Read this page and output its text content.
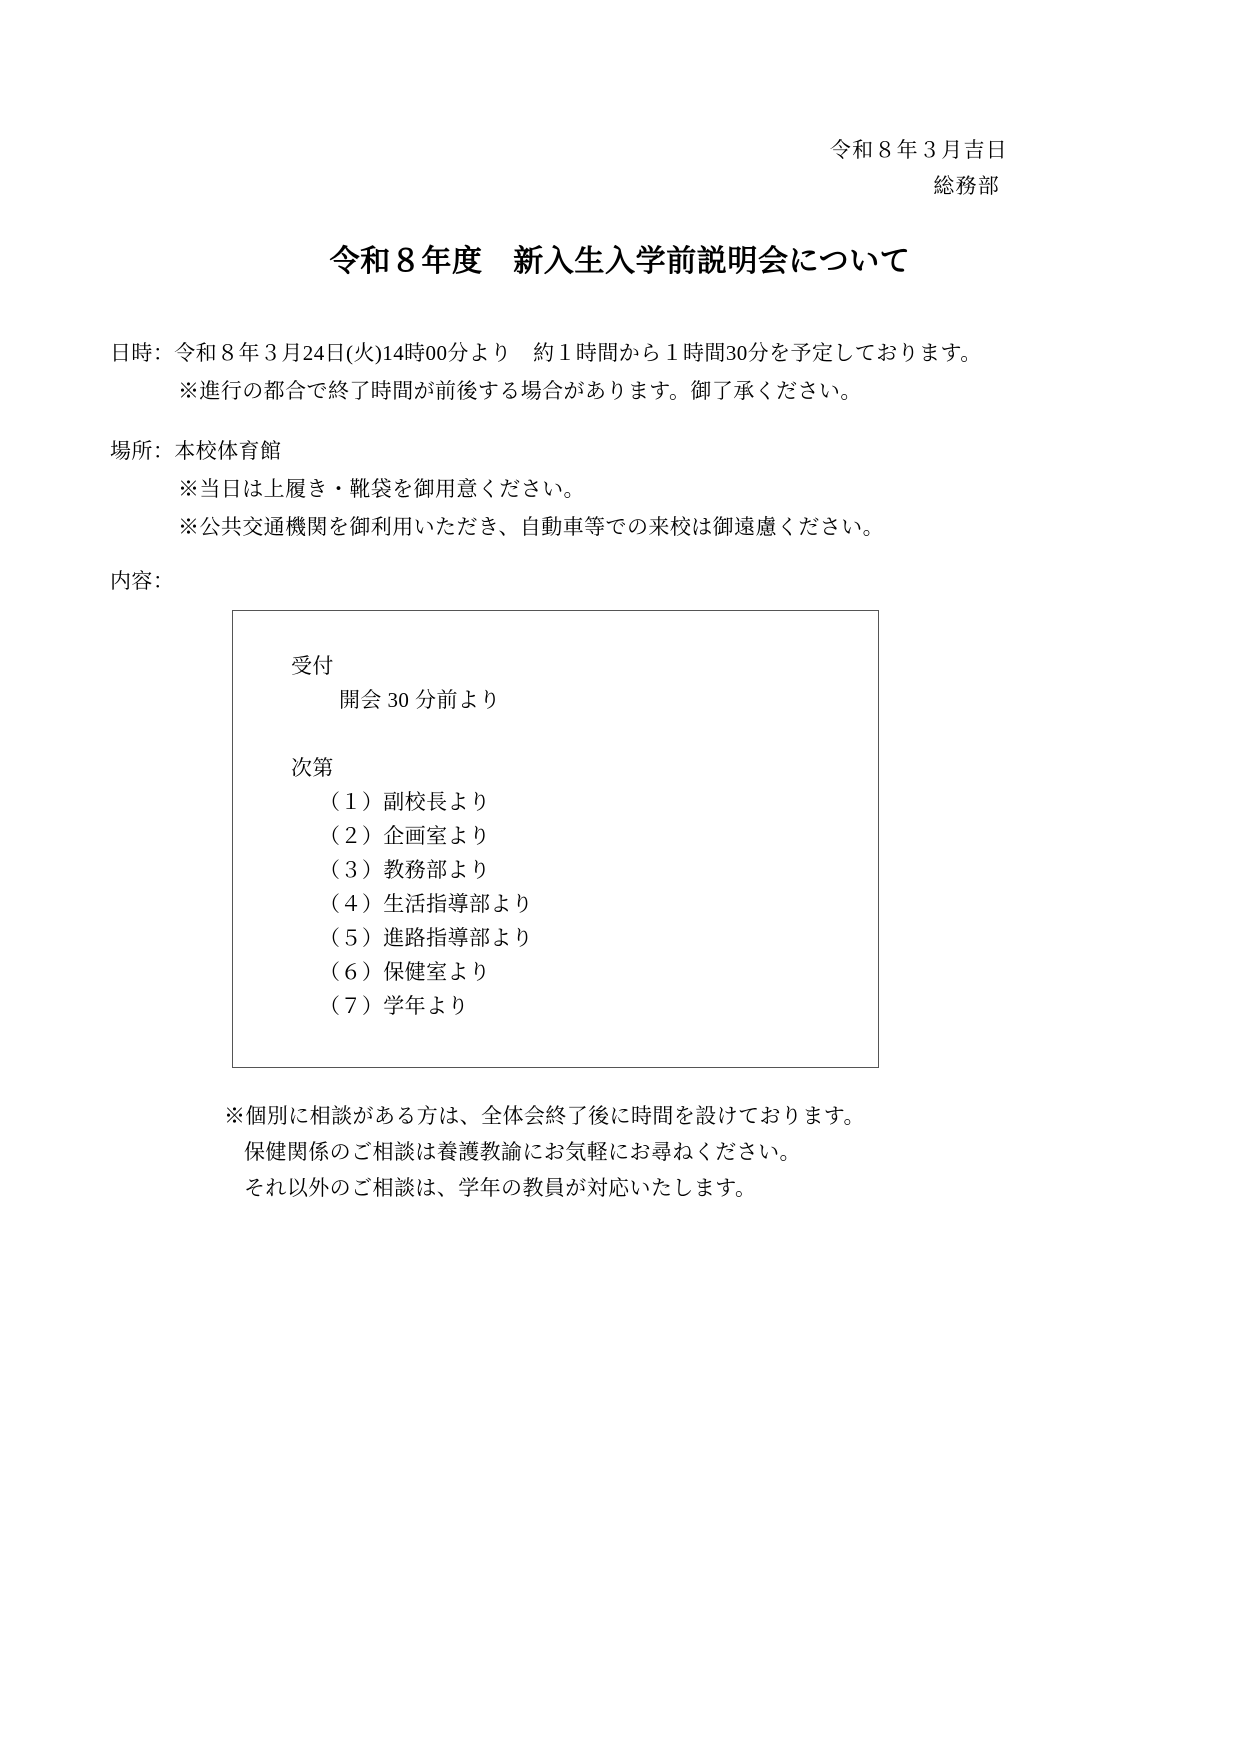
令和８年３月吉日
総務部
令和８年度　新入生入学前説明会について
日時：令和８年３月24日(火)14時00分より　約１時間から１時間30分を予定しております。
※進行の都合で終了時間が前後する場合があります。御了承ください。
場所：本校体育館
※当日は上履き・靴袋を御用意ください。
※公共交通機関を御利用いただき、自動車等での来校は御遠慮ください。
内容：
受付
開会 30 分前より
次第
（１）副校長より
（２）企画室より
（３）教務部より
（４）生活指導部より
（５）進路指導部より
（６）保健室より
（７）学年より
※個別に相談がある方は、全体会終了後に時間を設けております。
保健関係のご相談は養護教諭にお気軽にお尋ねください。
それ以外のご相談は、学年の教員が対応いたします。
